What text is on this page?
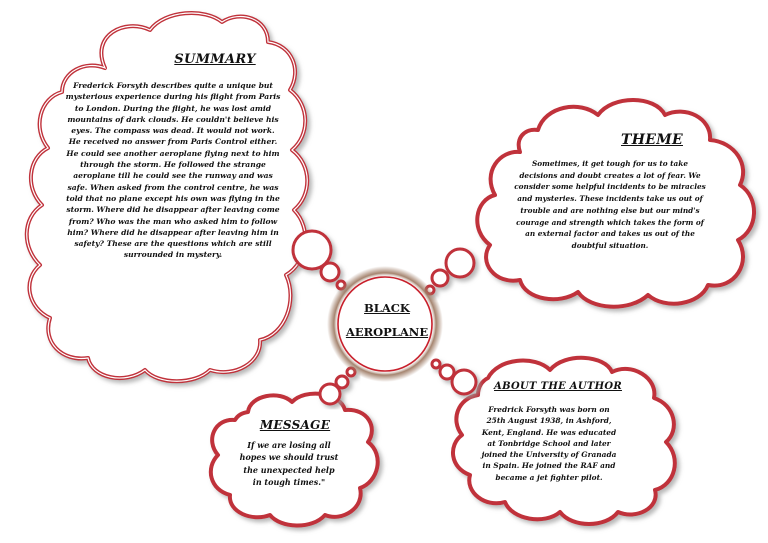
BLACK
AEROPLANE
SUMMARY
Frederick Forsyth describes quite a unique but mysterious experience during his flight from Paris to London. During the flight, he was lost amid mountains of dark clouds. He couldn't believe his eyes. The compass was dead. It would not work. He received no answer from Paris Control either. He could see another aeroplane flying next to him through the storm. He followed the strange aeroplane till he could see the runway and was safe. When asked from the control centre, he was told that no plane except his own was flying in the storm. Where did he disappear after leaving come from? Who was the man who asked him to follow him? Where did he disappear after leaving him in safety? These are the questions which are still surrounded in mystery.
THEME
Sometimes, it get tough for us to take decisions and doubt creates a lot of fear. We consider some helpful incidents to be miracles and mysteries. These incidents take us out of trouble and are nothing else but our mind's courage and strength which takes the form of an external factor and takes us out of the doubtful situation.
MESSAGE
If we are losing all hopes we should trust the unexpected help in tough times."
ABOUT THE AUTHOR
Fredrick Forsyth was born on 25th August 1938, in Ashford, Kent, England. He was educated at Tonbridge School and later joined the University of Granada in Spain. He joined the RAF and became a jet fighter pilot.
